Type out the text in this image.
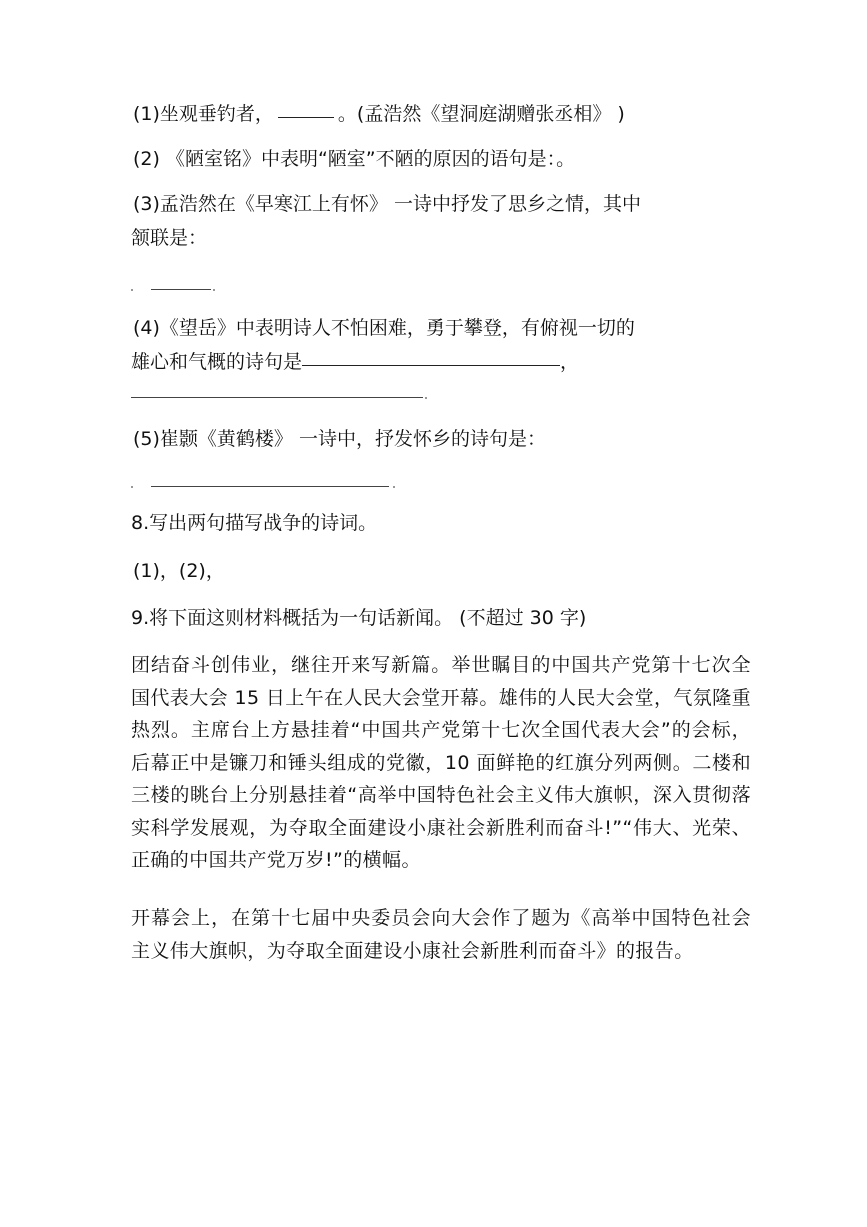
(1)坐观垂钓者，	。(孟浩然《望洞庭湖赠张丞相》 )
(2) 《陋室铭》中表明“陋室”不陋的原因的语句是：。
(3)孟浩然在《早寒江上有怀》 一诗中抒发了思乡之情，其中
颔联是：
(4)《望岳》中表明诗人不怕困难，勇于攀登，有俯视一切的
雄心和气概的诗句是	，
(5)崔颢《黄鹤楼》 一诗中，抒发怀乡的诗句是：
8.写出两句描写战争的诗词。
(1)，(2)，
9.将下面这则材料概括为一句话新闻。 (不超过 30 字)
团结奋斗创伟业，继往开来写新篇。举世瞩目的中国共产党第十七次全国代表大会 15 日上午在人民大会堂开幕。雄伟的人民大会堂，气氛隆重热烈。主席台上方悬挂着“中国共产党第十七次全国代表大会”的会标，后幕正中是镰刀和锤头组成的党徽，10 面鲜艳的红旗分列两侧。二楼和三楼的眺台上分别悬挂着“高举中国特色社会主义伟大旗帜，深入贯彻落实科学发展观，为夺取全面建设小康社会新胜利而奋斗!”“伟大、光荣、正确的中国共产党万岁!”的横幅。
开幕会上，在第十七届中央委员会向大会作了题为《高举中国特色社会主义伟大旗帜，为夺取全面建设小康社会新胜利而奋斗》的报告。
